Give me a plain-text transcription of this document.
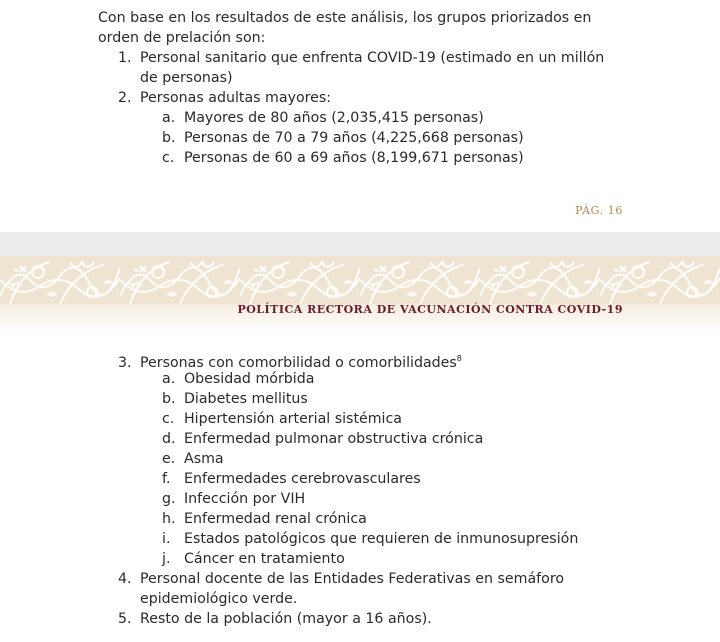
Con base en los resultados de este análisis, los grupos priorizados en
orden de prelación son:
1. Personal sanitario que enfrenta COVID-19 (estimado en un millón
de personas)
2. Personas adultas mayores:
a. Mayores de 80 años (2,035,415 personas)
b. Personas de 70 a 79 años (4,225,668 personas)
c. Personas de 60 a 69 años (8,199,671 personas)
PÁG. 16
POLÍTICA RECTORA DE VACUNACIÓN CONTRA COVID-19
3. Personas con comorbilidad o comorbilidades$^8$
a. Obesidad mórbida
b. Diabetes mellitus
c. Hipertensión arterial sistémica
d. Enfermedad pulmonar obstructiva crónica
e. Asma
f. Enfermedades cerebrovasculares
g. Infección por VIH
h. Enfermedad renal crónica
i. Estados patológicos que requieren de inmunosupresión
j. Cáncer en tratamiento
4. Personal docente de las Entidades Federativas en semáforo
epidemiológico verde.
5. Resto de la población (mayor a 16 años).
